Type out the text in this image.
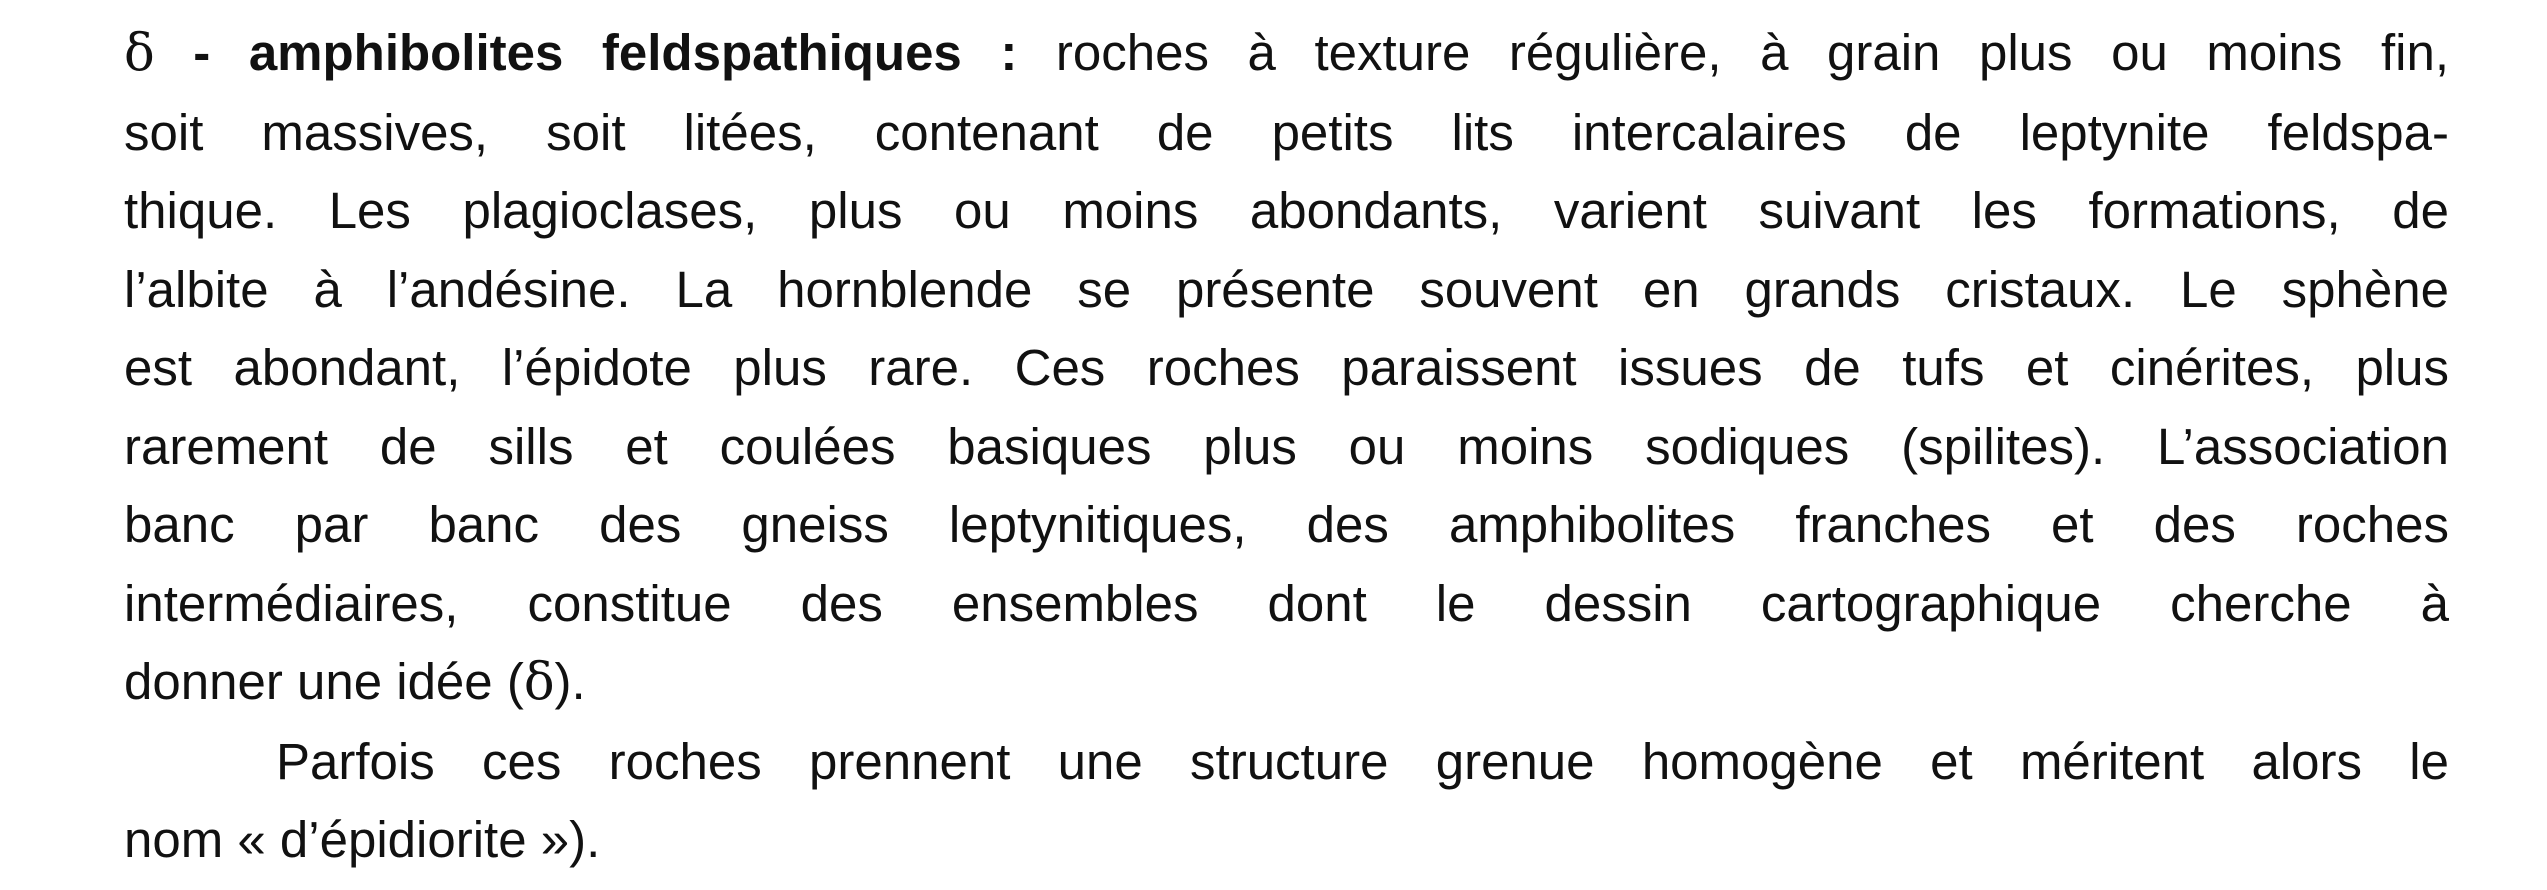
δ - amphibolites feldspathiques : roches à texture régulière, à grain plus ou moins fin,
soit massives, soit litées, contenant de petits lits intercalaires de leptynite feldspa-
thique. Les plagioclases, plus ou moins abondants, varient suivant les formations, de
l’albite à l’andésine. La hornblende se présente souvent en grands cristaux. Le sphène
est abondant, l’épidote plus rare. Ces roches paraissent issues de tufs et cinérites, plus
rarement de sills et coulées basiques plus ou moins sodiques (spilites). L’association
banc par banc des gneiss leptynitiques, des amphibolites franches et des roches
intermédiaires, constitue des ensembles dont le dessin cartographique cherche à
donner une idée (δ).
Parfois ces roches prennent une structure grenue homogène et méritent alors le
nom « d’épidiorite »).
